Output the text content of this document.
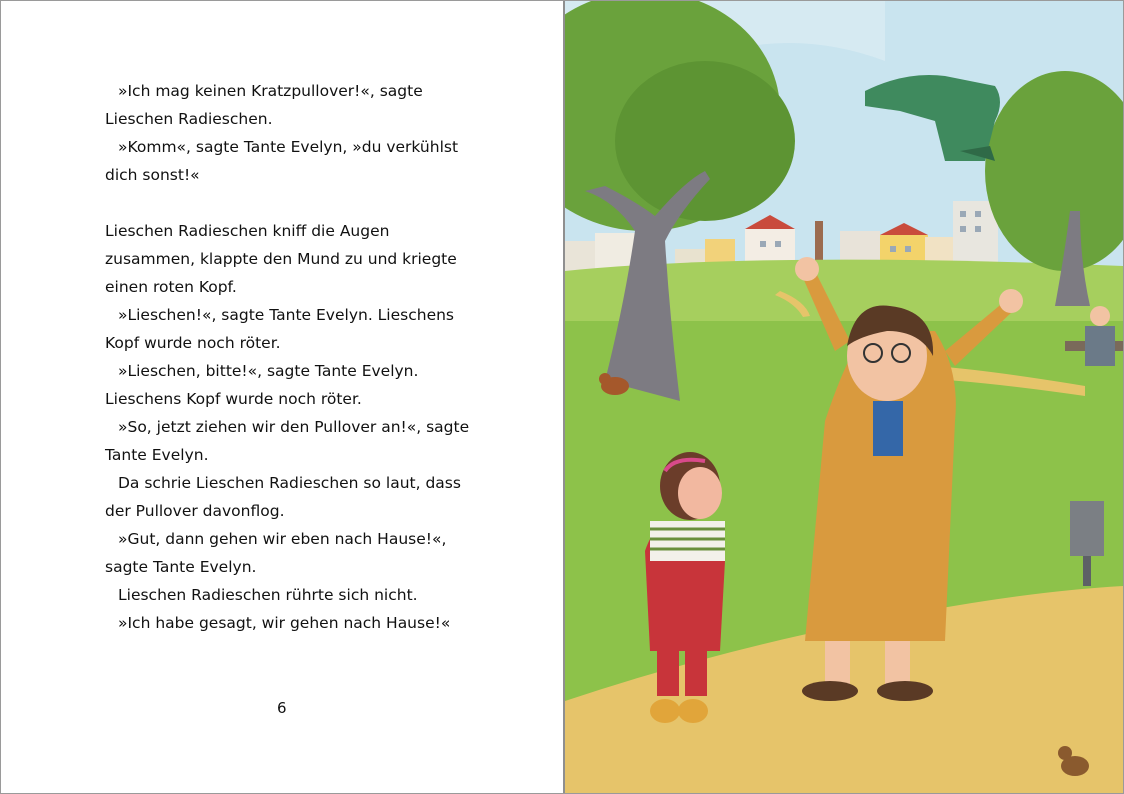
»Ich mag keinen Kratzpullover!«, sagte
Lieschen Radieschen.
»Komm«, sagte Tante Evelyn, »du verkühlst
dich sonst!«
Lieschen Radieschen kniff die Augen
zusammen, klappte den Mund zu und kriegte
einen roten Kopf.
»Lieschen!«, sagte Tante Evelyn. Lieschens
Kopf wurde noch röter.
»Lieschen, bitte!«, sagte Tante Evelyn.
Lieschens Kopf wurde noch röter.
»So, jetzt ziehen wir den Pullover an!«, sagte
Tante Evelyn.
Da schrie Lieschen Radieschen so laut, dass
der Pullover davonflog.
»Gut, dann gehen wir eben nach Hause!«,
sagte Tante Evelyn.
Lieschen Radieschen rührte sich nicht.
»Ich habe gesagt, wir gehen nach Hause!«
6
